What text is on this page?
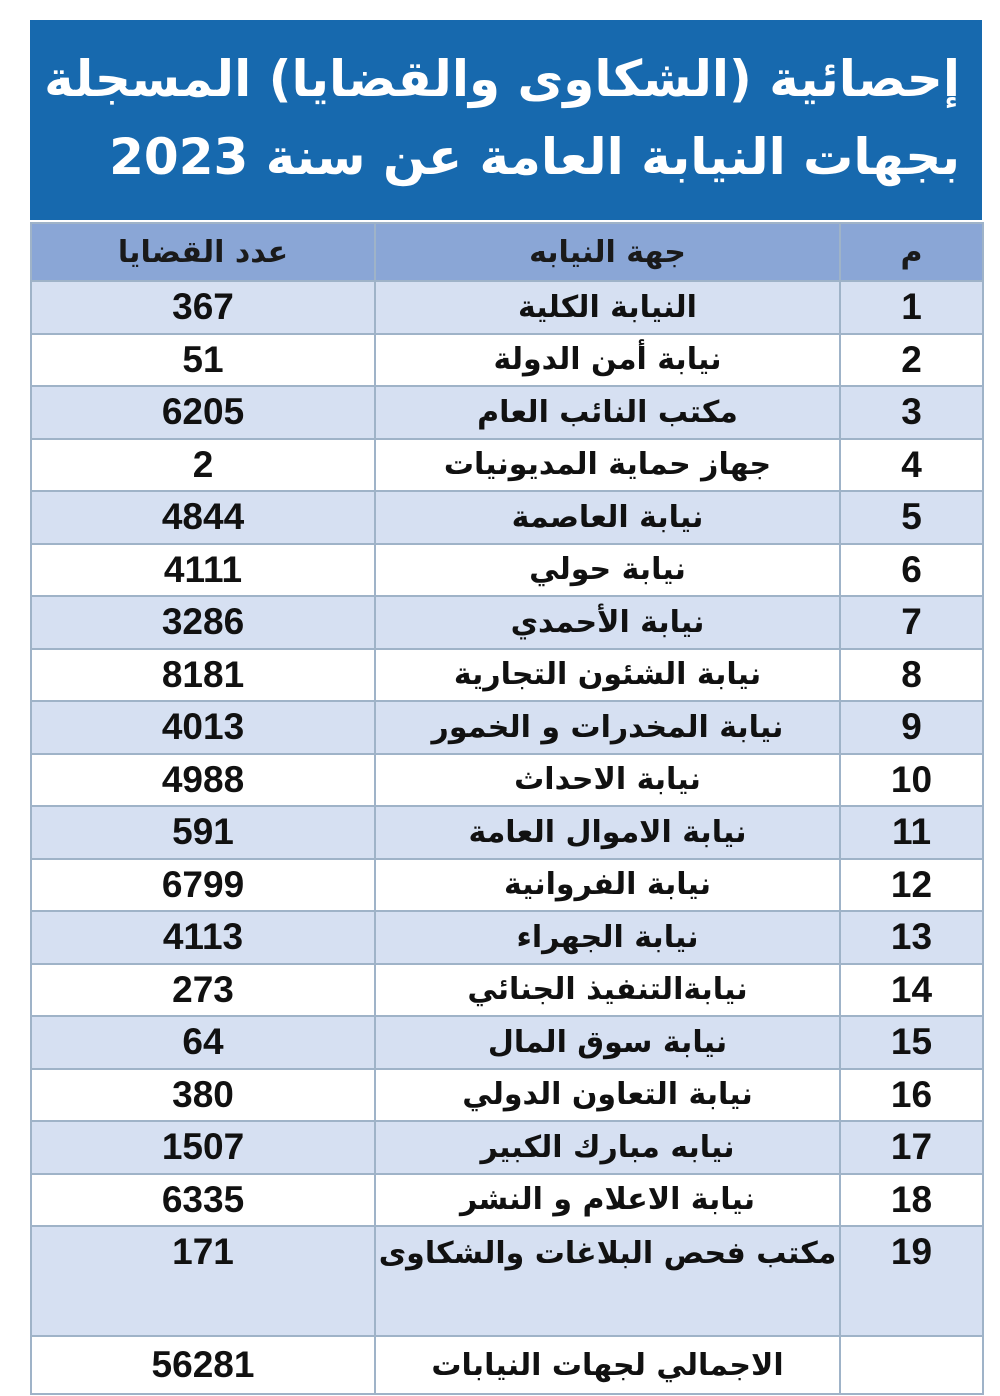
إحصائية (الشكاوى والقضايا) المسجلة
بجهات النيابة العامة عن سنة 2023
م	جهة النيابه	عدد القضايا
1	النيابة الكلية	367
2	نيابة أمن الدولة	51
3	مكتب النائب العام	6205
4	جهاز حماية المديونيات	2
5	نيابة العاصمة	4844
6	نيابة حولي	4111
7	نيابة الأحمدي	3286
8	نيابة الشئون التجارية	8181
9	نيابة المخدرات و الخمور	4013
10	نيابة الاحداث	4988
11	نيابة الاموال العامة	591
12	نيابة الفروانية	6799
13	نيابة الجهراء	4113
14	نيابةالتنفيذ الجنائي	273
15	نيابة سوق المال	64
16	نيابة التعاون الدولي	380
17	نيابه مبارك الكبير	1507
18	نيابة الاعلام و النشر	6335
19	مكتب فحص البلاغات والشكاوى	171
	الاجمالي لجهات النيابات	56281
